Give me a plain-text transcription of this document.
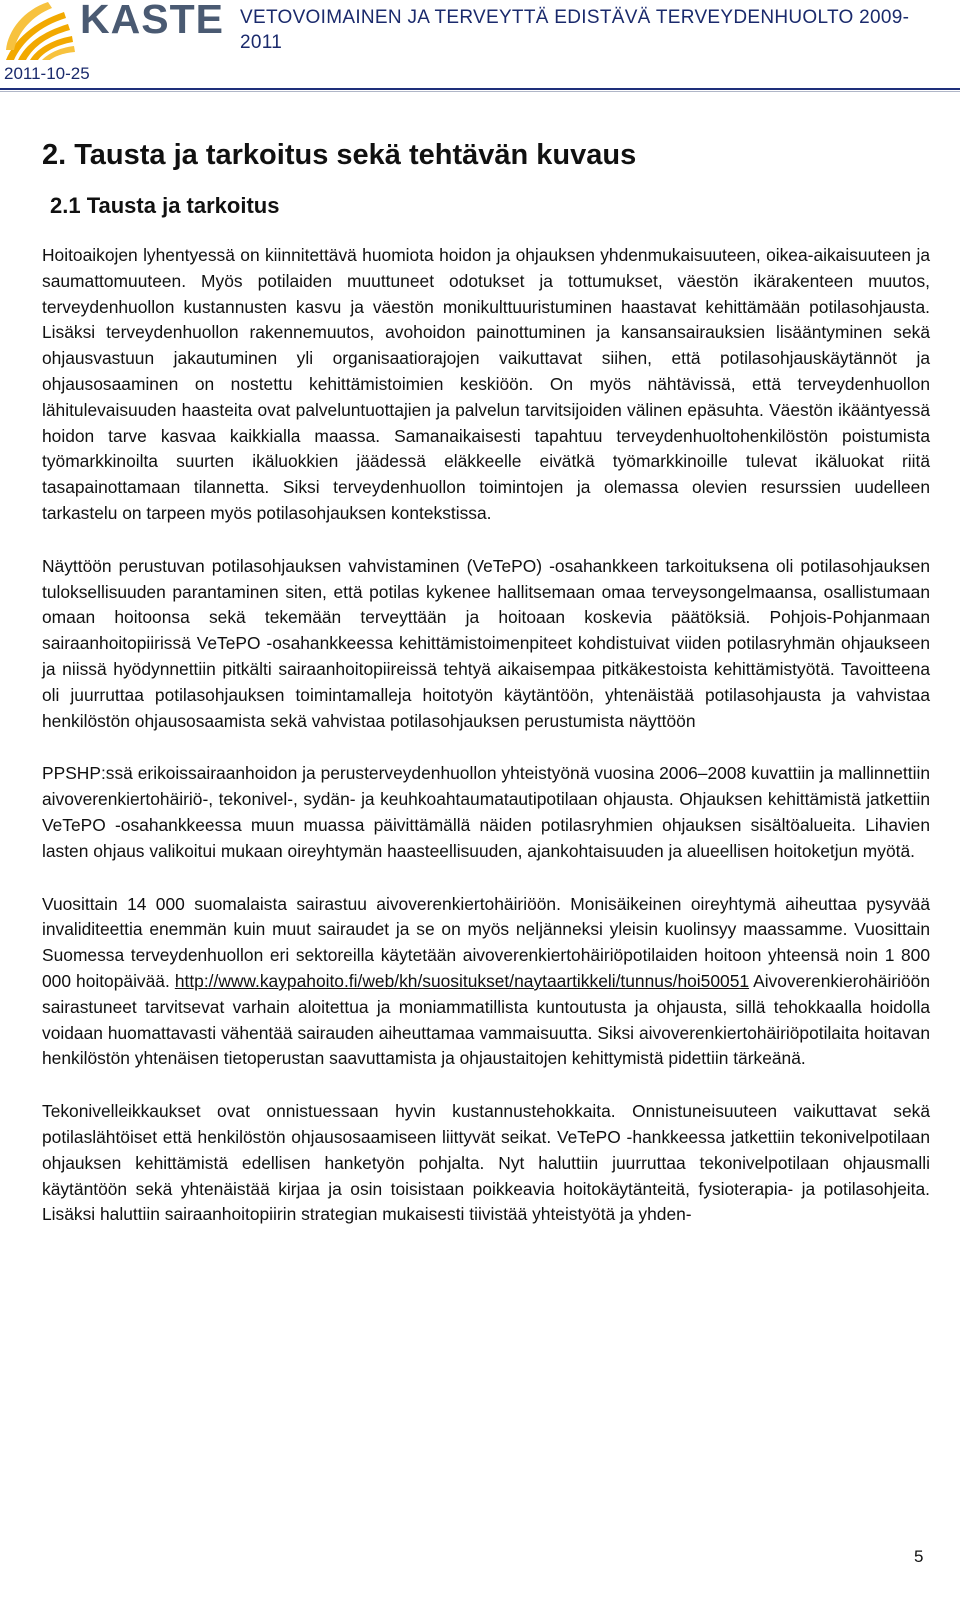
KASTE VETOVOIMAINEN JA TERVEYTTÄ EDISTÄVÄ TERVEYDENHUOLTO 2009-2011
2011-10-25
2. Tausta ja tarkoitus sekä tehtävän kuvaus
2.1 Tausta ja tarkoitus

Hoitoaikojen lyhentyessä on kiinnitettävä huomiota hoidon ja ohjauksen yhdenmukaisuuteen, oikea-aikaisuuteen ja saumattomuuteen. Myös potilaiden muuttuneet odotukset ja tottumukset, väestön ikärakenteen muutos, terveydenhuollon kustannusten kasvu ja väestön monikulttuuristuminen haastavat kehittämään potilasohjausta. Lisäksi terveydenhuollon rakennemuutos, avohoidon painottuminen ja kansansairauksien lisääntyminen sekä ohjausvastuun jakautuminen yli organisaatiorajojen vaikuttavat siihen, että potilasohjauskäytännöt ja ohjausosaaminen on nostettu kehittämistoimien keskiöön. On myös nähtävissä, että terveydenhuollon lähitulevaisuuden haasteita ovat palveluntuottajien ja palvelun tarvitsijoiden välinen epäsuhta. Väestön ikääntyessä hoidon tarve kasvaa kaikkialla maassa. Samanaikaisesti tapahtuu terveydenhuoltohenkilöstön poistumista työmarkkinoilta suurten ikäluokkien jäädessä eläkkeelle eivätkä työmarkkinoille tulevat ikäluokat riitä tasapainottamaan tilannetta. Siksi terveydenhuollon toimintojen ja olemassa olevien resurssien uudelleen tarkastelu on tarpeen myös potilasohjauksen kontekstissa.

Näyttöön perustuvan potilasohjauksen vahvistaminen (VeTePO) -osahankkeen tarkoituksena oli potilasohjauksen tuloksellisuuden parantaminen siten, että potilas kykenee hallitsemaan omaa terveysongelmaansa, osallistumaan omaan hoitoonsa sekä tekemään terveyttään ja hoitoaan koskevia päätöksiä. Pohjois-Pohjanmaan sairaanhoitopiirissä VeTePO -osahankkeessa kehittämistoimenpiteet kohdistuivat viiden potilasryhmän ohjaukseen ja niissä hyödynnettiin pitkälti sairaanhoitopiireissä tehtyä aikaisempaa pitkäkestoista kehittämistyötä. Tavoitteena oli juurruttaa potilasohjauksen toimintamalleja hoitotyön käytäntöön, yhtenäistää potilasohjausta ja vahvistaa henkilöstön ohjausosaamista sekä vahvistaa potilasohjauksen perustumista näyttöön

PPSHP:ssä erikoissairaanhoidon ja perusterveydenhuollon yhteistyönä vuosina 2006–2008 kuvattiin ja mallinnettiin aivoverenkiertohäiriö-, tekonivel-, sydän- ja keuhkoahtaumatautipotilaan ohjausta. Ohjauksen kehittämistä jatkettiin VeTePO -osahankkeessa muun muassa päivittämällä näiden potilasryhmien ohjauksen sisältöalueita. Lihavien lasten ohjaus valikoitui mukaan oireyhtymän haasteellisuuden, ajankohtaisuuden ja alueellisen hoitoketjun myötä.

Vuosittain 14 000 suomalaista sairastuu aivoverenkiertohäiriöön. Monisäikeinen oireyhtymä aiheuttaa pysyvää invaliditeettia enemmän kuin muut sairaudet ja se on myös neljänneksi yleisin kuolinsyy maassamme. Vuosittain Suomessa terveydenhuollon eri sektoreilla käytetään aivoverenkiertohäiriöpotilaiden hoitoon yhteensä noin 1 800 000 hoitopäivää. http://www.kaypahoito.fi/web/kh/suositukset/naytaartikkeli/tunnus/hoi50051 Aivoverenkierohäiriöön sairastuneet tarvitsevat varhain aloitettua ja moniammatillista kuntoutusta ja ohjausta, sillä tehokkaalla hoidolla voidaan huomattavasti vähentää sairauden aiheuttamaa vammaisuutta. Siksi aivoverenkiertohäiriöpotilaita hoitavan henkilöstön yhtenäisen tietoperustan saavuttamista ja ohjaustaitojen kehittymistä pidettiin tärkeänä.

Tekonivelleikkaukset ovat onnistuessaan hyvin kustannustehokkaita. Onnistuneisuuteen vaikuttavat sekä potilaslähtöiset että henkilöstön ohjausosaamiseen liittyvät seikat. VeTePO -hankkeessa jatkettiin tekonivelpotilaan ohjauksen kehittämistä edellisen hanketyön pohjalta. Nyt haluttiin juurruttaa tekonivelpotilaan ohjausmalli käytäntöön sekä yhtenäistää kirjaa ja osin toisistaan poikkeavia hoitokäytänteitä, fysioterapia- ja potilasohjeita. Lisäksi haluttiin sairaanhoitopiirin strategian mukaisesti tiivistää yhteistyötä ja yhden-

5
